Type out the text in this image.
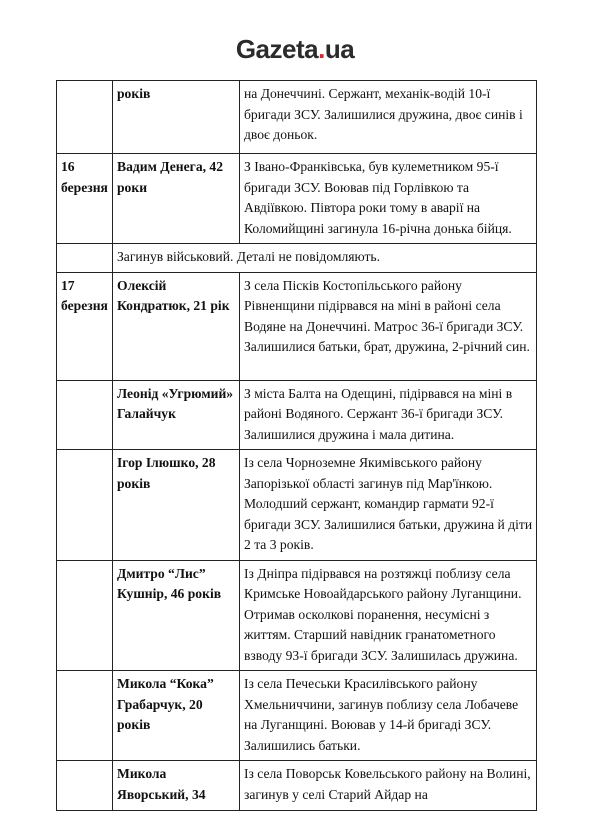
Gazeta.ua
	років	на Донеччині. Сержант, механік-водій 10-ї бригади ЗСУ. Залишилися дружина, двоє синів і двоє доньок.
16 березня	Вадим Денега, 42 роки	З Івано-Франківська, був кулеметником 95-ї бригади ЗСУ. Воював під Горлівкою та Авдіївкою. Півтора роки тому в аварії на Коломийщині загинула 16-річна донька бійця.
	Загинув військовий. Деталі не повідомляють.	
17 березня	Олексій Кондратюк, 21 рік	З села Пісків Костопільського району Рівненщини підірвався на міні в районі села Водяне на Донеччині. Матрос 36-ї бригади ЗСУ. Залишилися батьки, брат, дружина, 2-річний син.
	Леонід «Угрюмий» Галайчук	З міста Балта на Одещині, підірвався на міні в районі Водяного. Сержант 36-ї бригади ЗСУ. Залишилися дружина і мала дитина.
	Ігор Ілюшко, 28 років	Із села Чорноземне Якимівського району Запорізької області загинув під Мар'їнкою. Молодший сержант, командир гармати 92-ї бригади ЗСУ. Залишилися батьки, дружина й діти 2 та 3 років.
	Дмитро “Лис” Кушнір, 46 років	Із Дніпра підірвався на розтяжці поблизу села Кримське Новоайдарського району Луганщини. Отримав осколкові поранення, несумісні з життям. Старший навідник гранатометного взводу 93-ї бригади ЗСУ. Залишилась дружина.
	Микола “Кока” Грабарчук, 20 років	Із села Печеськи Красилівського району Хмельниччини, загинув поблизу села Лобачеве на Луганщині. Воював у 14-й бригаді ЗСУ. Залишились батьки.
	Микола Яворський, 34	Із села Поворськ Ковельського району на Волині, загинув у селі Старий Айдар на
